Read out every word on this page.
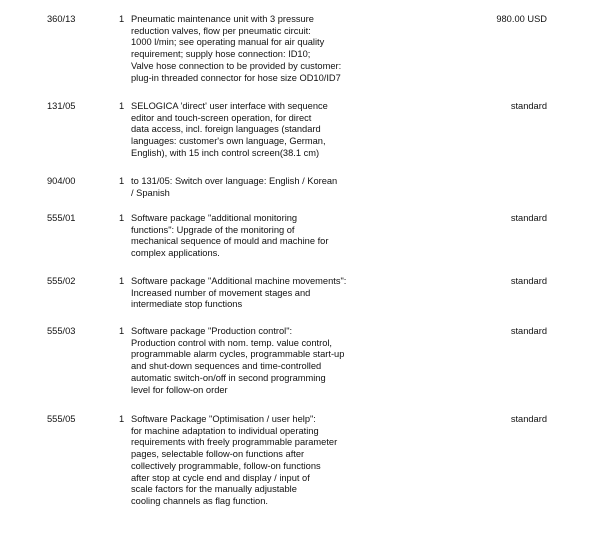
360/13	1 Pneumatic maintenance unit with 3 pressure
reduction valves, flow per pneumatic circuit:
1000 l/min; see operating manual for air quality
requirement; supply hose connection: ID10;
Valve hose connection to be provided by customer:
plug-in threaded connector for hose size OD10/ID7
980.00 USD
131/05	1 SELOGICA 'direct' user interface with sequence
editor and touch-screen operation, for direct
data access, incl. foreign languages (standard
languages: customer's own language, German,
English), with 15 inch control screen(38.1 cm)
standard
904/00	1 to 131/05: Switch over language: English / Korean
/ Spanish
555/01	1 Software package "additional monitoring
functions": Upgrade of the monitoring of
mechanical sequence of mould and machine for
complex applications.
standard
555/02	1 Software package "Additional machine movements":
Increased number of movement stages and
intermediate stop functions
standard
555/03	1 Software package "Production control":
Production control with nom. temp. value control,
programmable alarm cycles, programmable start-up
and shut-down sequences and time-controlled
automatic switch-on/off in second programming
level for follow-on order
standard
555/05	1 Software Package "Optimisation / user help":
for machine adaptation to individual operating
requirements with freely programmable parameter
pages, selectable follow-on functions after
collectively programmable, follow-on functions
after stop at cycle end and display / input of
scale factors for the manually adjustable
cooling channels as flag function.
standard
